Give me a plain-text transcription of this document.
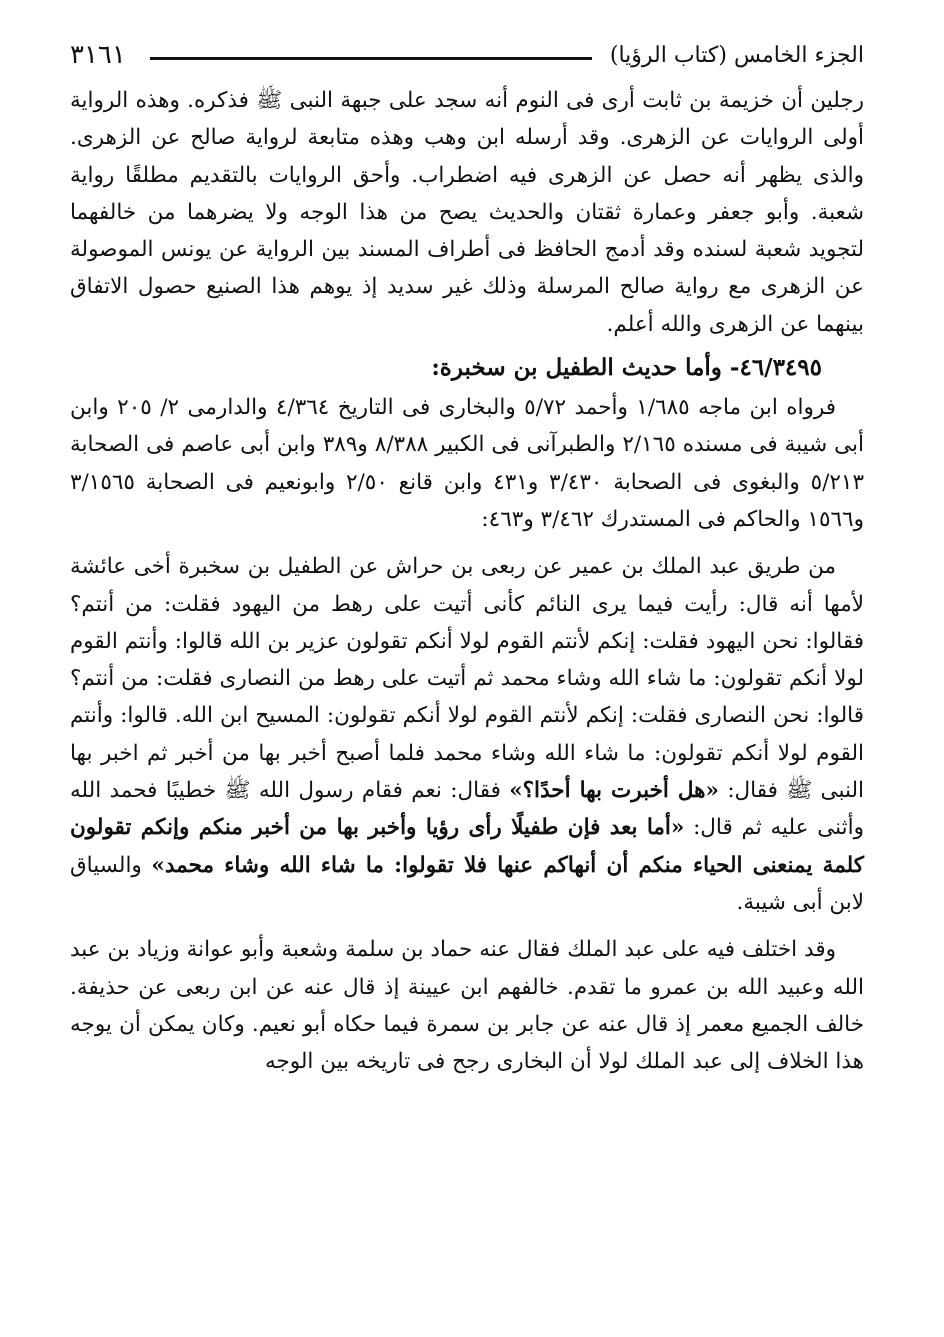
الجزء الخامس (كتاب الرؤيا)
٣١٦١

رجلين أن خزيمة بن ثابت أرى فى النوم أنه سجد على جبهة النبى ﷺ فذكره. وهذه الرواية أولى الروايات عن الزهرى. وقد أرسله ابن وهب وهذه متابعة لرواية صالح عن الزهرى. والذى يظهر أنه حصل عن الزهرى فيه اضطراب. وأحق الروايات بالتقديم مطلقًا رواية شعبة. وأبو جعفر وعمارة ثقتان والحديث يصح من هذا الوجه ولا يضرهما من خالفهما لتجويد شعبة لسنده وقد أدمج الحافظ فى أطراف المسند بين الرواية عن يونس الموصولة عن الزهرى مع رواية صالح المرسلة وذلك غير سديد إذ يوهم هذا الصنيع حصول الاتفاق بينهما عن الزهرى والله أعلم.

٤٦/٣٤٩٥- وأما حديث الطفيل بن سخبرة:

فرواه ابن ماجه ١/٦٨٥ وأحمد ٥/٧٢ والبخارى فى التاريخ ٤/٣٦٤ والدارمى ٢/ ٢٠٥ وابن أبى شيبة فى مسنده ٢/١٦٥ والطبرآنى فى الكبير ٨/٣٨٨ و٣٨٩ وابن أبى عاصم فى الصحابة ٥/٢١٣ والبغوى فى الصحابة ٣/٤٣٠ و٤٣١ وابن قانع ٢/٥٠ وابونعيم فى الصحابة ٣/١٥٦٥ و١٥٦٦ والحاكم فى المستدرك ٣/٤٦٢ و٤٦٣:

من طريق عبد الملك بن عمير عن ربعى بن حراش عن الطفيل بن سخبرة أخى عائشة لأمها أنه قال: رأيت فيما يرى النائم كأنى أتيت على رهط من اليهود فقلت: من أنتم؟ فقالوا: نحن اليهود فقلت: إنكم لأنتم القوم لولا أنكم تقولون عزير بن الله قالوا: وأنتم القوم لولا أنكم تقولون: ما شاء الله وشاء محمد ثم أتيت على رهط من النصارى فقلت: من أنتم؟ قالوا: نحن النصارى فقلت: إنكم لأنتم القوم لولا أنكم تقولون: المسيح ابن الله. قالوا: وأنتم القوم لولا أنكم تقولون: ما شاء الله وشاء محمد فلما أصبح أخبر بها من أخبر ثم اخبر بها النبى ﷺ فقال: «هل أخبرت بها أحدًا؟» فقال: نعم فقام رسول الله ﷺ خطيبًا فحمد الله وأثنى عليه ثم قال: «أما بعد فإن طفيلًا رأى رؤيا وأخبر بها من أخبر منكم وإنكم تقولون كلمة يمنعنى الحياء منكم أن أنهاكم عنها فلا تقولوا: ما شاء الله وشاء محمد» والسياق لابن أبى شيبة.

وقد اختلف فيه على عبد الملك فقال عنه حماد بن سلمة وشعبة وأبو عوانة وزياد بن عبد الله وعبيد الله بن عمرو ما تقدم. خالفهم ابن عيينة إذ قال عنه عن ابن ربعى عن حذيفة. خالف الجميع معمر إذ قال عنه عن جابر بن سمرة فيما حكاه أبو نعيم. وكان يمكن أن يوجه هذا الخلاف إلى عبد الملك لولا أن البخارى رجح فى تاريخه بين الوجه
